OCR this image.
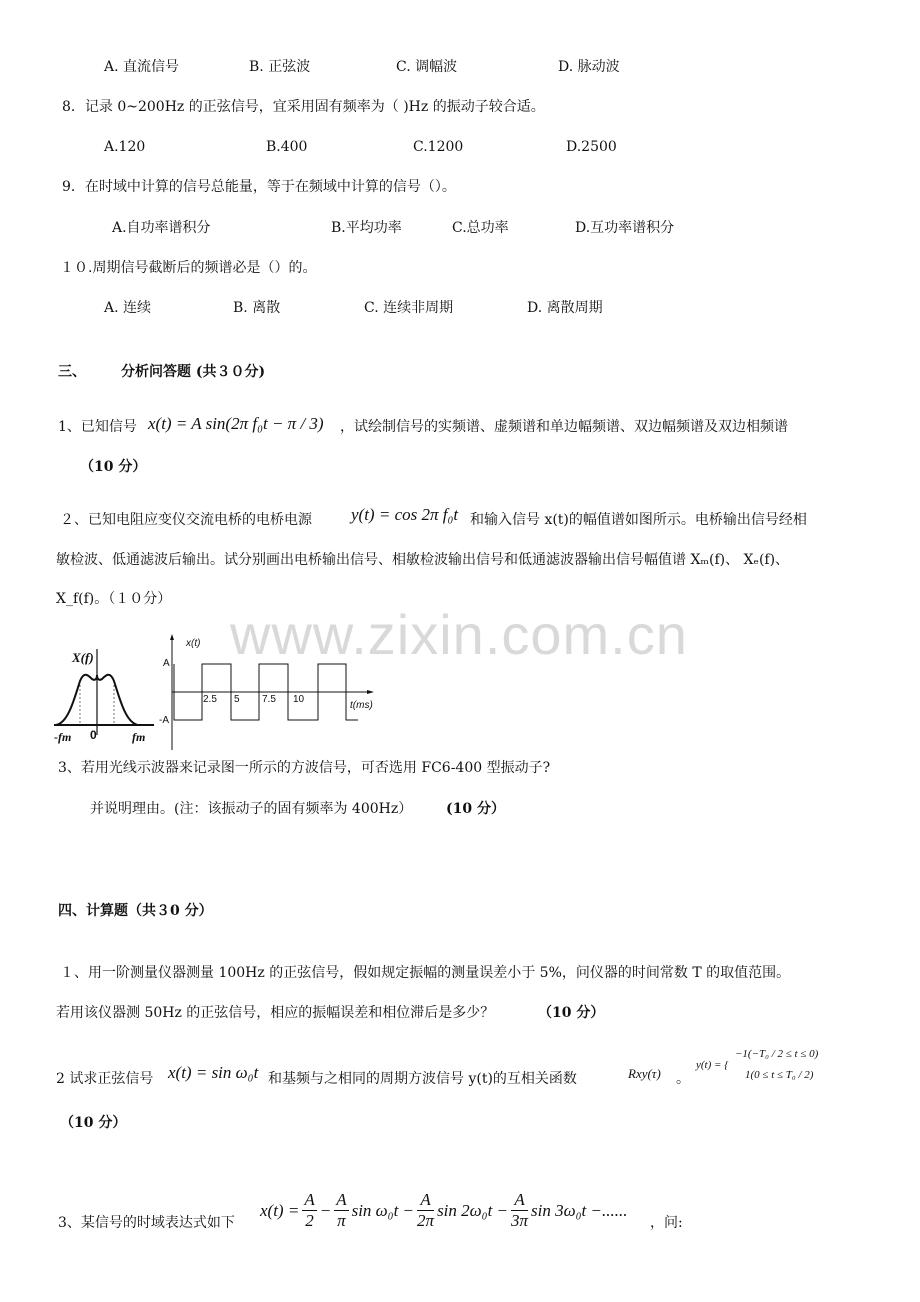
www.zixin.com.cn
A. 直流信号	B. 正弦波	C. 调幅波	D. 脉动波
8．记录 0~200Hz 的正弦信号，宜采用固有频率为（ )Hz 的振动子较合适。
A.120	B.400	C.1200	D.2500
9．在时域中计算的信号总能量，等于在频域中计算的信号（）。
A.自功率谱积分	B.平均功率	C.总功率	D.互功率谱积分
１０.周期信号截断后的频谱必是（）的。
A. 连续	B. 离散	C. 连续非周期	D. 离散周期
三、	分析问答题 (共３０分)
1、已知信号 x(t) = A sin(2π f₀t − π / 3) ，试绘制信号的实频谱、虚频谱和单边幅频谱、双边幅频谱及双边相频谱
（10 分）
２、已知电阻应变仪交流电桥的电桥电源 y(t) = cos 2π f₀t 和输入信号 x(t)的幅值谱如图所示。电桥输出信号经相
敏检波、低通滤波后输出。试分别画出电桥输出信号、相敏检波输出信号和低通滤波器输出信号幅值谱 Xₘ(f)、 Xₑ(f)、
X_f(f)。（１０分）
X(f)
-fm 0	fm
x(t)
A
-A
2.5 5 7.5 10
t(ms)
3、若用光线示波器来记录图一所示的方波信号，可否选用 FC6-400 型振动子?
并说明理由。(注：该振动子的固有频率为 400Hz） (10 分）
四、计算题（共３0 分）
１、用一阶测量仪器测量 100Hz 的正弦信号，假如规定振幅的测量误差小于 5%，问仪器的时间常数 T 的取值范围。
若用该仪器测 50Hz 的正弦信号，相应的振幅误差和相位滞后是多少？	（10 分）
2 试求正弦信号 x(t) = sin ω₀t 和基频与之相同的周期方波信号 y(t)的互相关函数	Rxy(τ) 。
y(t) = {
−1(−T₀ / 2 ≤ t ≤ 0)
1(0 ≤ t ≤ T₀ / 2)
（10 分）
3、某信号的时域表达式如下
$x(t) = \frac{A}{2} - \frac{A}{\pi}$ $\sin \omega_0t - \frac{A}{2\pi}$ $\sin 2\omega_0t - \frac{A}{3\pi}$ sin 3ω₀t −......
，问:
